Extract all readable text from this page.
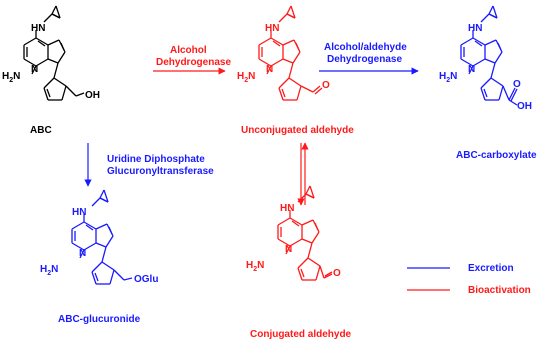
HN
$H_2N$
N
OH
ABC
HN
$H_2N$
N
O
Unconjugated aldehyde
HN
$H_2N$
N
O
OH
ABC-carboxylate
HN
$H_2N$
N
OGlu
ABC-glucuronide
HN
$H_2N$
N
O
Conjugated aldehyde
Alcohol
Dehydrogenase
Alcohol/aldehyde
Dehydrogenase
Uridine Diphosphate
Glucuronyltransferase
Excretion
Bioactivation
